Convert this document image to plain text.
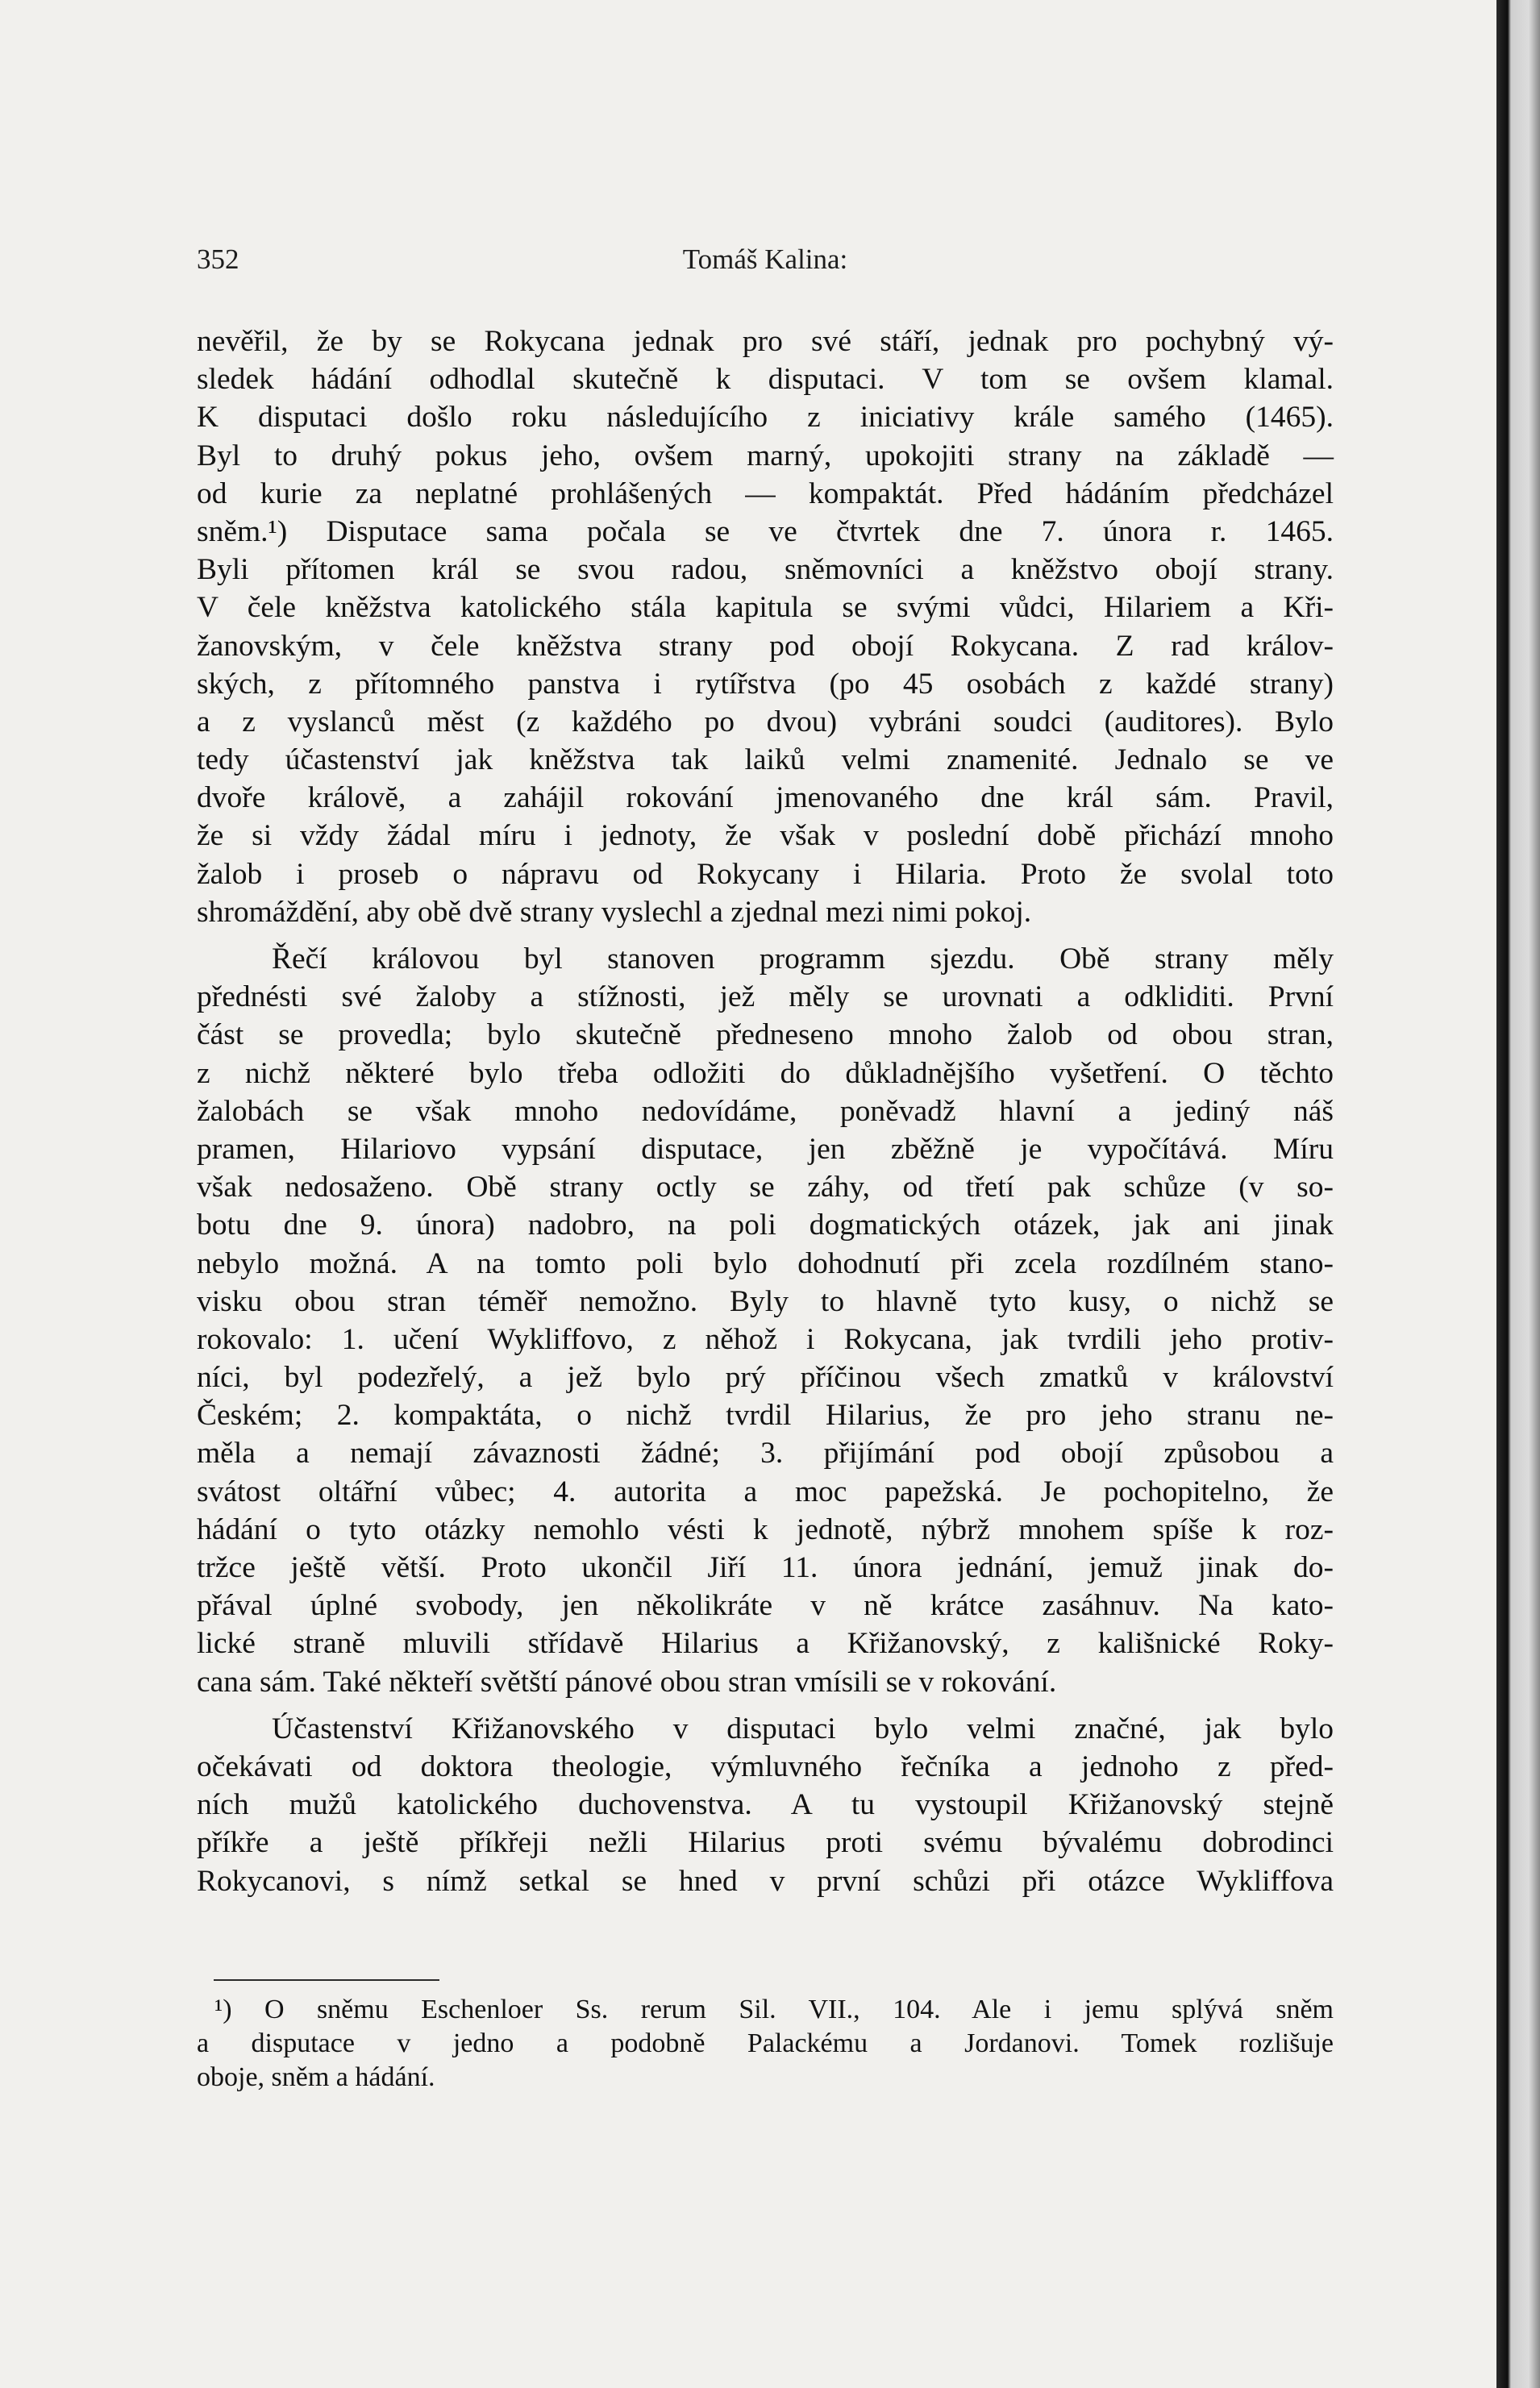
352	Tomáš Kalina:
nevěřil, že by se Rokycana jednak pro své stáří, jednak pro pochybný vý-
sledek hádání odhodlal skutečně k disputaci. V tom se ovšem klamal.
K disputaci došlo roku následujícího z iniciativy krále samého (1465).
Byl to druhý pokus jeho, ovšem marný, upokojiti strany na základě —
od kurie za neplatné prohlášených — kompaktát. Před hádáním předcházel
sněm.¹) Disputace sama počala se ve čtvrtek dne 7. února r. 1465.
Byli přítomen král se svou radou, sněmovníci a kněžstvo obojí strany.
V čele kněžstva katolického stála kapitula se svými vůdci, Hilariem a Kři-
žanovským, v čele kněžstva strany pod obojí Rokycana. Z rad králov-
ských, z přítomného panstva i rytířstva (po 45 osobách z každé strany)
a z vyslanců měst (z každého po dvou) vybráni soudci (auditores). Bylo
tedy účastenství jak kněžstva tak laiků velmi znamenité. Jednalo se ve
dvoře královĕ, a zahájil rokování jmenovaného dne král sám. Pravil,
že si vždy žádal míru i jednoty, že však v poslední době přichází mnoho
žalob i proseb o nápravu od Rokycany i Hilaria. Proto že svolal toto
shromáždění, aby obě dvě strany vyslechl a zjednal mezi nimi pokoj.
Řečí královou byl stanoven programm sjezdu. Obě strany měly
přednésti své žaloby a stížnosti, jež měly se urovnati a odkliditi. První
část se provedla; bylo skutečně předneseno mnoho žalob od obou stran,
z nichž některé bylo třeba odložiti do důkladnějšího vyšetření. O těchto
žalobách se však mnoho nedovídáme, poněvadž hlavní a jediný náš
pramen, Hilariovo vypsání disputace, jen zběžně je vypočítává. Míru
však nedosaženo. Obě strany octly se záhy, od třetí pak schůze (v so-
botu dne 9. února) nadobro, na poli dogmatických otázek, jak ani jinak
nebylo možná. A na tomto poli bylo dohodnutí při zcela rozdílném stano-
visku obou stran téměř nemožno. Byly to hlavně tyto kusy, o nichž se
rokovalo: 1. učení Wykliffovo, z něhož i Rokycana, jak tvrdili jeho protiv-
níci, byl podezřelý, a jež bylo prý příčinou všech zmatků v království
Českém; 2. kompaktáta, o nichž tvrdil Hilarius, že pro jeho stranu ne-
měla a nemají závaznosti žádné; 3. přijímání pod obojí způsobou a
svátost oltářní vůbec; 4. autorita a moc papežská. Je pochopitelno, že
hádání o tyto otázky nemohlo vésti k jednotě, nýbrž mnohem spíše k roz-
tržce ještě větší. Proto ukončil Jiří 11. února jednání, jemuž jinak do-
přával úplné svobody, jen několikráte v ně krátce zasáhnuv. Na kato-
lické straně mluvili střídavě Hilarius a Křižanovský, z kališnické Roky-
cana sám. Také někteří světští pánové obou stran vmísili se v rokování.
Účastenství Křižanovského v disputaci bylo velmi značné, jak bylo
očekávati od doktora theologie, výmluvného řečníka a jednoho z před-
ních mužů katolického duchovenstva. A tu vystoupil Křižanovský stejně
příkře a ještě příkřeji nežli Hilarius proti svému bývalému dobrodinci
Rokycanovi, s nímž setkal se hned v první schůzi při otázce Wykliffova
¹) O sněmu Eschenloer Ss. rerum Sil. VII., 104. Ale i jemu splývá sněm
a disputace v jedno a podobně Palackému a Jordanovi. Tomek rozlišuje
oboje, sněm a hádání.
